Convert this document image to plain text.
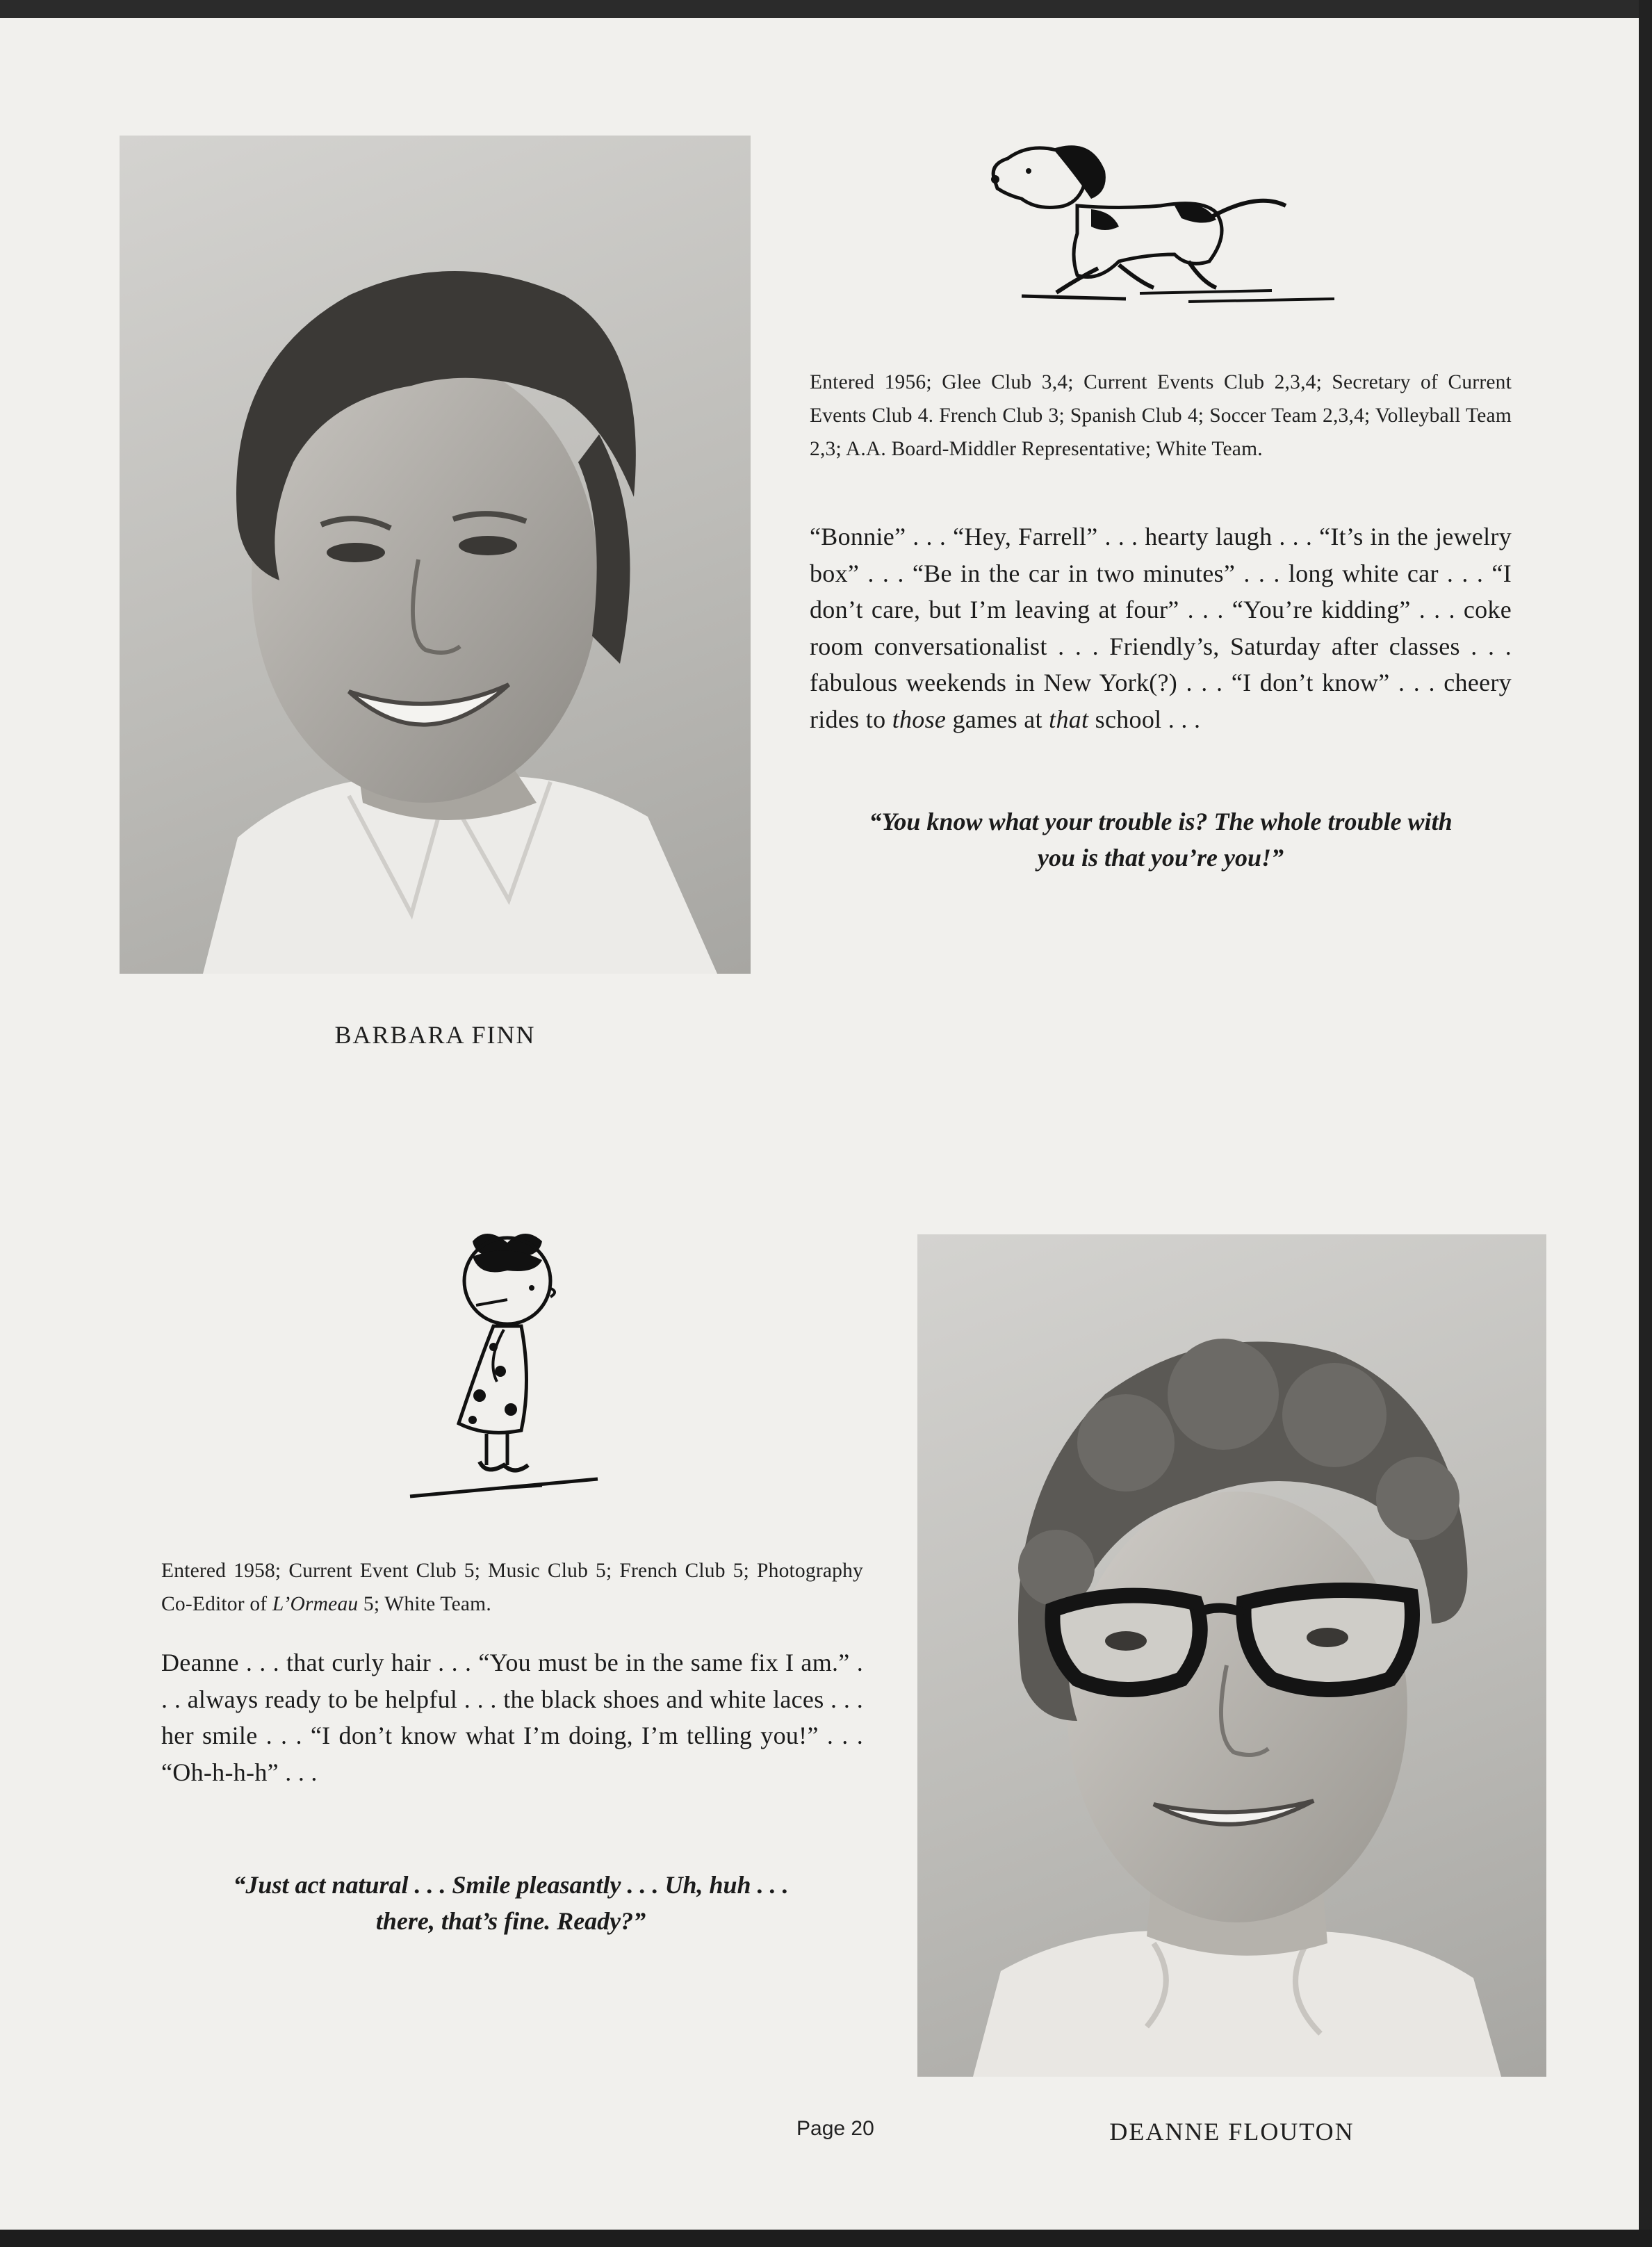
BARBARA FINN
Entered 1956; Glee Club 3,4; Current Events Club 2,3,4; Secretary of Current Events Club 4. French Club 3; Spanish Club 4; Soccer Team 2,3,4; Volleyball Team 2,3; A.A. Board-Middler Representative; White Team.
“Bonnie” . . . “Hey, Farrell” . . . hearty laugh . . . “It’s in the jewelry box” . . . “Be in the car in two minutes” . . . long white car . . . “I don’t care, but I’m leaving at four” . . . “You’re kidding” . . . coke room conversationalist . . . Friendly’s, Saturday after classes . . . fabulous weekends in New York(?) . . . “I don’t know” . . . cheery rides to those games at that school . . .
“You know what your trouble is? The whole trouble with
you is that you’re you!”
Entered 1958; Current Event Club 5; Music Club 5; French Club 5; Photography Co-Editor of L’Ormeau 5; White Team.
Deanne . . . that curly hair . . . “You must be in the same fix I am.” . . . always ready to be helpful . . . the black shoes and white laces . . . her smile . . . “I don’t know what I’m doing, I’m telling you!” . . . “Oh-h-h-h” . . .
“Just act natural . . . Smile pleasantly . . . Uh, huh . . .
there, that’s fine. Ready?”
DEANNE FLOUTON
Page 20
